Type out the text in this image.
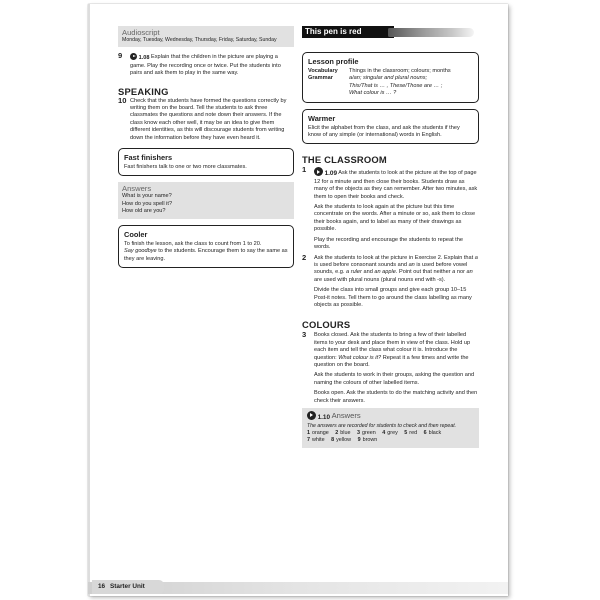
Audioscript
Monday, Tuesday, Wednesday, Thursday, Friday, Saturday, Sunday
9	1.08 Explain that the children in the picture are playing a game. Play the recording once or twice. Put the students into pairs and ask them to play in the same way.
SPEAKING
10 Check that the students have formed the questions correctly by writing them on the board. Tell the students to ask three classmates the questions and note down their answers. If the class know each other well, it may be an idea to give them different identities, as this will discourage students from writing down the information before they have even heard it.
Fast finishers
Fast finishers talk to one or two more classmates.
Answers
What is your name?
How do you spell it?
How old are you?
Cooler
To finish the lesson, ask the class to count from 1 to 20.
Say goodbye to the students. Encourage them to say the same as they are leaving.
This pen is red
Lesson profile
Vocabulary	Things in the classroom; colours; months
Grammar	a/an; singular and plural nouns;
This/That is … , These/Those are … ;
What colour is … ?
Warmer
Elicit the alphabet from the class, and ask the students if they know of any simple (or international) words in English.
THE CLASSROOM
1	1.09 Ask the students to look at the picture at the top of page 12 for a minute and then close their books. Students draw as many of the objects as they can remember. After two minutes, ask them to open their books and check.

Ask the students to look again at the picture but this time concentrate on the words. After a minute or so, ask them to close their books again, and to label as many of their drawings as possible.

Play the recording and encourage the students to repeat the words.

2 Ask the students to look at the picture in Exercise 2. Explain that a is used before consonant sounds and an is used before vowel sounds, e.g. a ruler and an apple. Point out that neither a nor an are used with plural nouns (plural nouns end with -s).

Divide the class into small groups and give each group 10–15 Post-it notes. Tell them to go around the class labelling as many objects as possible.

COLOURS
3 Books closed. Ask the students to bring a few of their labelled items to your desk and place them in view of the class. Hold up each item and tell the class what colour it is. Introduce the question: What colour is it? Repeat it a few times and write the question on the board.

Ask the students to work in their groups, asking the question and naming the colours of other labelled items.

Books open. Ask the students to do the matching activity and then check their answers.

1.10 Answers
The answers are recorded for students to check and then repeat.
1 orange 2 blue 3 green 4 grey 5 red 6 black
7 white 8 yellow 9 brown
16 Starter Unit
